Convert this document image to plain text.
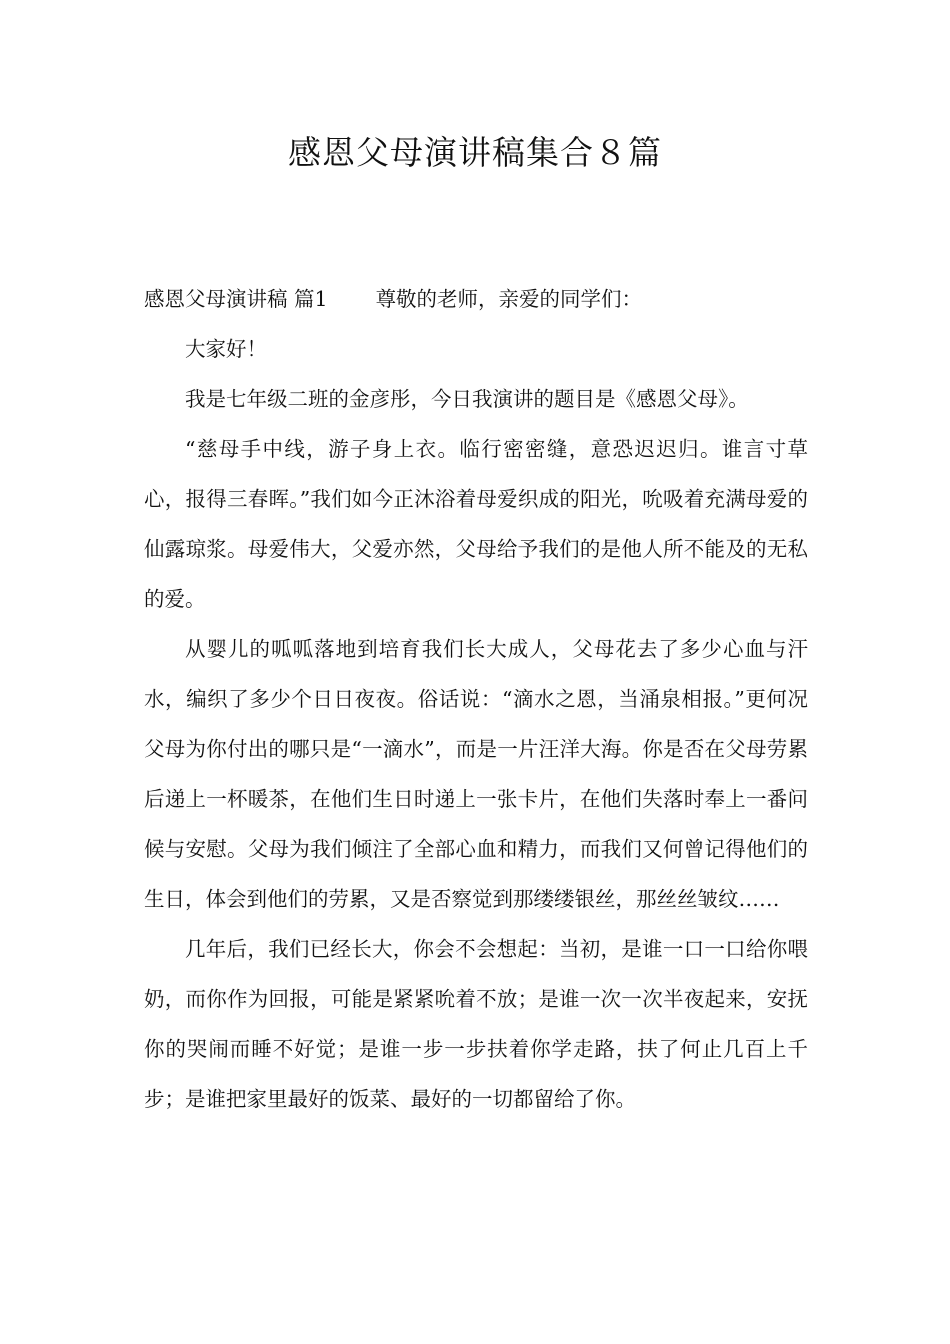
感恩父母演讲稿集合８篇

感恩父母演讲稿 篇1 尊敬的老师，亲爱的同学们：

大家好！

我是七年级二班的金彦彤，今日我演讲的题目是《感恩父母》。

“慈母手中线，游子身上衣。临行密密缝，意恐迟迟归。谁言寸草心，报得三春晖。”我们如今正沐浴着母爱织成的阳光，吮吸着充满母爱的仙露琼浆。母爱伟大，父爱亦然，父母给予我们的是他人所不能及的无私的爱。

从婴儿的呱呱落地到培育我们长大成人，父母花去了多少心血与汗水，编织了多少个日日夜夜。俗话说：“滴水之恩，当涌泉相报。”更何况父母为你付出的哪只是“一滴水”，而是一片汪洋大海。你是否在父母劳累后递上一杯暖茶，在他们生日时递上一张卡片，在他们失落时奉上一番问候与安慰。父母为我们倾注了全部心血和精力，而我们又何曾记得他们的生日，体会到他们的劳累，又是否察觉到那缕缕银丝，那丝丝皱纹……

几年后，我们已经长大，你会不会想起：当初，是谁一口一口给你喂奶，而你作为回报，可能是紧紧吮着不放；是谁一次一次半夜起来，安抚你的哭闹而睡不好觉；是谁一步一步扶着你学走路，扶了何止几百上千步；是谁把家里最好的饭菜、最好的一切都留给了你。
